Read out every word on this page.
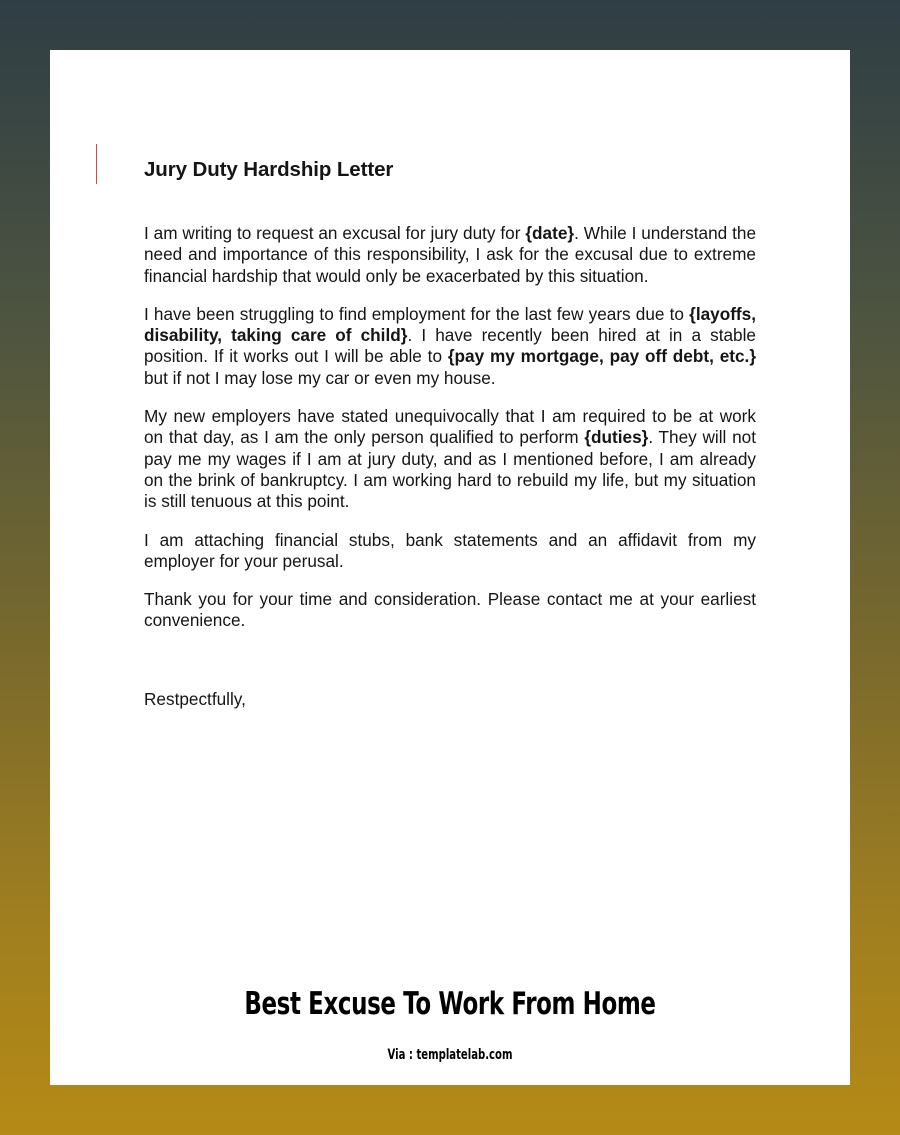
Jury Duty Hardship Letter

I am writing to request an excusal for jury duty for {date}. While I understand the need and importance of this responsibility, I ask for the excusal due to extreme financial hardship that would only be exacerbated by this situation.

I have been struggling to find employment for the last few years due to {layoffs, disability, taking care of child}. I have recently been hired at in a stable position. If it works out I will be able to {pay my mortgage, pay off debt, etc.} but if not I may lose my car or even my house.

My new employers have stated unequivocally that I am required to be at work on that day, as I am the only person qualified to perform {duties}. They will not pay me my wages if I am at jury duty, and as I mentioned before, I am already on the brink of bankruptcy. I am working hard to rebuild my life, but my situation is still tenuous at this point.

I am attaching financial stubs, bank statements and an affidavit from my employer for your perusal.

Thank you for your time and consideration. Please contact me at your earliest convenience.

Restpectfully,

Best Excuse To Work From Home
Via : templatelab.com
